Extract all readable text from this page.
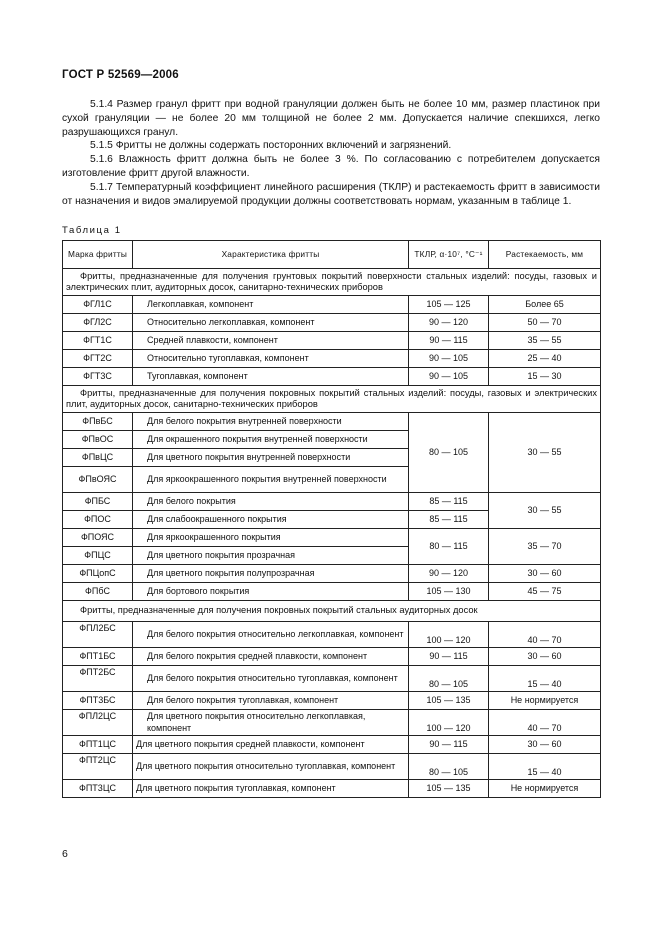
ГОСТ Р 52569—2006
5.1.4 Размер гранул фритт при водной грануляции должен быть не более 10 мм, размер пластинок при сухой грануляции — не более 20 мм толщиной не более 2 мм. Допускается наличие спекшихся, легко разрушающихся гранул.
5.1.5 Фритты не должны содержать посторонних включений и загрязнений.
5.1.6 Влажность фритт должна быть не более 3 %. По согласованию с потребителем допускается изготовление фритт другой влажности.
5.1.7 Температурный коэффициент линейного расширения (ТКЛР) и растекаемость фритт в зависимости от назначения и видов эмалируемой продукции должны соответствовать нормам, указанным в таблице 1.
Таблица 1
Марка фритты	Характеристика фритты	ТКЛР, α·10⁷, °С⁻¹	Растекаемость, мм
Фритты, предназначенные для получения грунтовых покрытий поверхности стальных изделий: посуды, газовых и электрических плит, аудиторных досок, санитарно-технических приборов			
ФГЛ1С	Легкоплавкая, компонент	105 — 125	Более 65
ФГЛ2С	Относительно легкоплавкая, компонент	90 — 120	50 — 70
ФГТ1С	Средней плавкости, компонент	90 — 115	35 — 55
ФГТ2С	Относительно тугоплавкая, компонент	90 — 105	25 — 40
ФГТ3С	Тугоплавкая, компонент	90 — 105	15 — 30
Фритты, предназначенные для получения покровных покрытий стальных изделий: посуды, газовых и электрических плит, аудиторных досок, санитарно-технических приборов			
ФПвБС	Для белого покрытия внутренней поверхности	80 — 105	30 — 55
ФПвОС	Для окрашенного покрытия внутренней поверхности		
ФПвЦС	Для цветного покрытия внутренней поверхности		
ФПвОЯС	Для яркоокрашенного покрытия внутренней поверхности		
ФПБС	Для белого покрытия	85 — 115	30 — 55
ФПОС	Для слабоокрашенного покрытия	85 — 115	
ФПОЯС	Для яркоокрашенного покрытия	80 — 115	35 — 70
ФПЦС	Для цветного покрытия прозрачная		
ФПЦопС	Для цветного покрытия полупрозрачная	90 — 120	30 — 60
ФПбС	Для бортового покрытия	105 — 130	45 — 75
Фритты, предназначенные для получения покровных покрытий стальных аудиторных досок			
ФПЛ2БС	Для белого покрытия относительно легкоплавкая, компонент	100 — 120	40 — 70
ФПТ1БС	Для белого покрытия средней плавкости, компонент	90 — 115	30 — 60
ФПТ2БС	Для белого покрытия относительно тугоплавкая, компонент	80 — 105	15 — 40
ФПТ3БС	Для белого покрытия тугоплавкая, компонент	105 — 135	Не нормируется
ФПЛ2ЦС	Для цветного покрытия относительно легкоплавкая, компонент	100 — 120	40 — 70
ФПТ1ЦС	Для цветного покрытия средней плавкости, компонент	90 — 115	30 — 60
ФПТ2ЦС	Для цветного покрытия относительно тугоплавкая, компонент	80 — 105	15 — 40
ФПТ3ЦС	Для цветного покрытия тугоплавкая, компонент	105 — 135	Не нормируется
6
